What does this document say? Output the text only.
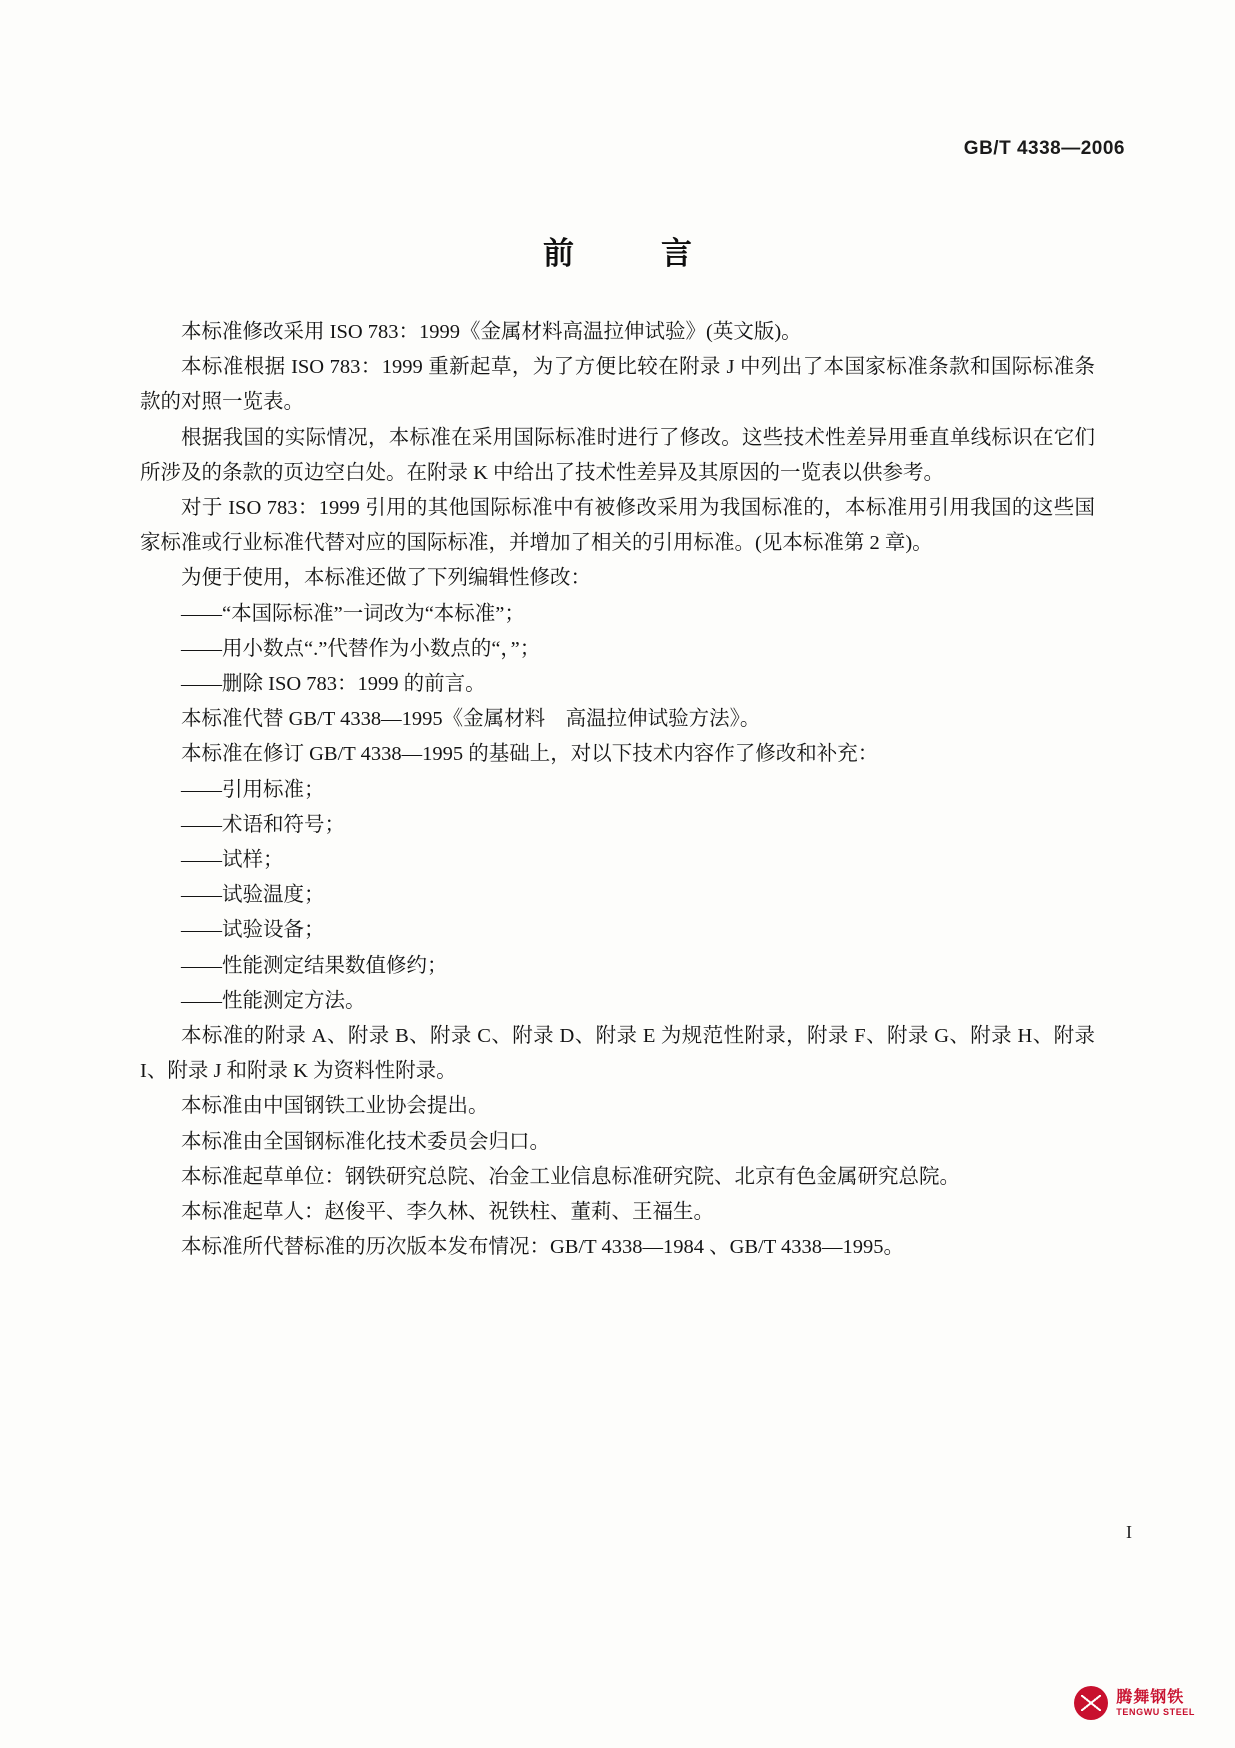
GB/T 4338—2006
前　言

本标准修改采用 ISO 783：1999《金属材料高温拉伸试验》(英文版)。

本标准根据 ISO 783：1999 重新起草，为了方便比较在附录 J 中列出了本国家标准条款和国际标准条款的对照一览表。

根据我国的实际情况，本标准在采用国际标准时进行了修改。这些技术性差异用垂直单线标识在它们所涉及的条款的页边空白处。在附录 K 中给出了技术性差异及其原因的一览表以供参考。

对于 ISO 783：1999 引用的其他国际标准中有被修改采用为我国标准的，本标准用引用我国的这些国家标准或行业标准代替对应的国际标准，并增加了相关的引用标准。(见本标准第 2 章)。

为便于使用，本标准还做了下列编辑性修改：

——“本国际标准”一词改为“本标准”；

——用小数点“.”代替作为小数点的“，”；

——删除 ISO 783：1999 的前言。

本标准代替 GB/T 4338—1995《金属材料　高温拉伸试验方法》。

本标准在修订 GB/T 4338—1995 的基础上，对以下技术内容作了修改和补充：

——引用标准；

——术语和符号；

——试样；

——试验温度；

——试验设备；

——性能测定结果数值修约；

——性能测定方法。

本标准的附录 A、附录 B、附录 C、附录 D、附录 E 为规范性附录，附录 F、附录 G、附录 H、附录 I、附录 J 和附录 K 为资料性附录。

本标准由中国钢铁工业协会提出。

本标准由全国钢标准化技术委员会归口。

本标准起草单位：钢铁研究总院、冶金工业信息标准研究院、北京有色金属研究总院。

本标准起草人：赵俊平、李久林、祝铁柱、董莉、王福生。

本标准所代替标准的历次版本发布情况：GB/T 4338—1984 、GB/T 4338—1995。

I
腾舞钢铁
TENGWU STEEL
